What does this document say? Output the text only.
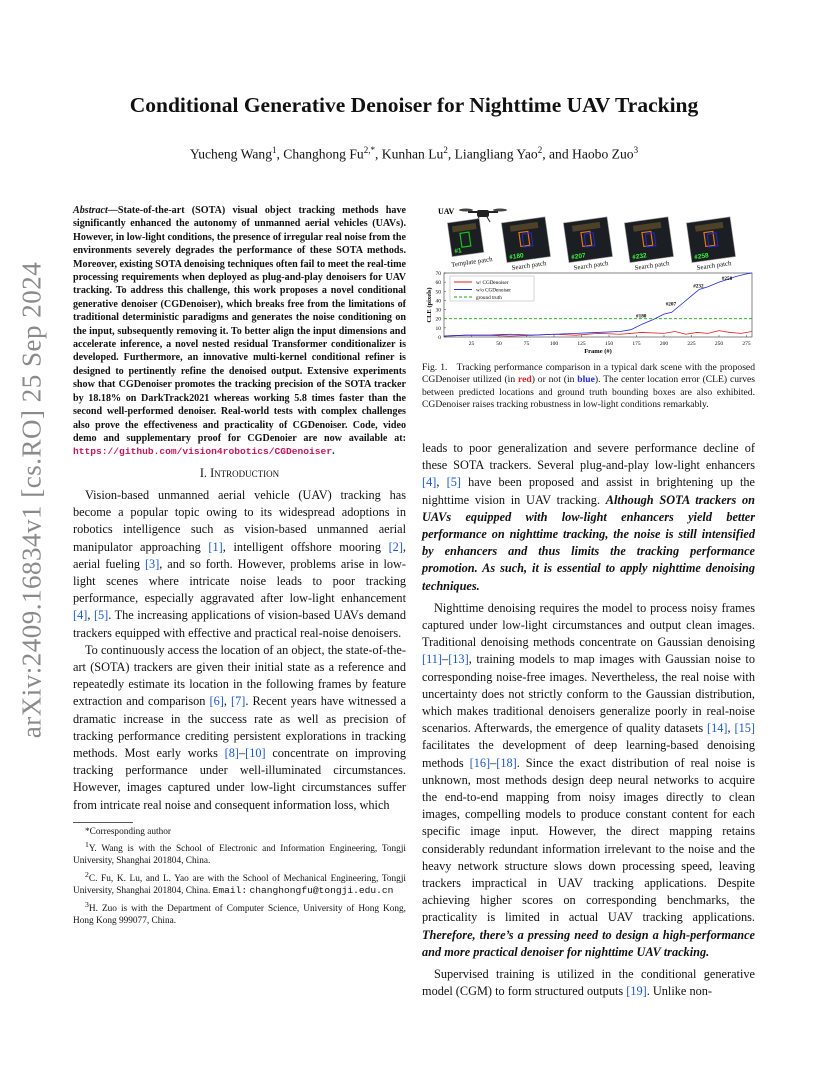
arXiv:2409.16834v1 [cs.RO] 25 Sep 2024
Conditional Generative Denoiser for Nighttime UAV Tracking
Yucheng Wang$^1$, Changhong $Fu^{2,*}$, Kunhan Lu$^2$, Liangliang Yao$^2$, and Haobo Zuo$^3$

Abstract—State-of-the-art (SOTA) visual object tracking methods have significantly enhanced the autonomy of unmanned aerial vehicles (UAVs). However, in low-light conditions, the presence of irregular real noise from the environments severely degrades the performance of these SOTA methods. Moreover, existing SOTA denoising techniques often fail to meet the real-time processing requirements when deployed as plug-and-play denoisers for UAV tracking. To address this challenge, this work proposes a novel conditional generative denoiser (CGDenoiser), which breaks free from the limitations of traditional deterministic paradigms and generates the noise conditioning on the input, subsequently removing it. To better align the input dimensions and accelerate inference, a novel nested residual Transformer conditionalizer is developed. Furthermore, an innovative multi-kernel conditional refiner is designed to pertinently refine the denoised output. Extensive experiments show that CGDenoiser promotes the tracking precision of the SOTA tracker by 18.18% on DarkTrack2021 whereas working 5.8 times faster than the second well-performed denoiser. Real-world tests with complex challenges also prove the effectiveness and practicality of CGDenoiser. Code, video demo and supplementary proof for CGDenoier are now available at: https://github.com/vision4robotics/CGDenoiser.

I. Introduction

Vision-based unmanned aerial vehicle (UAV) tracking has become a popular topic owing to its widespread adoptions in robotics intelligence such as vision-based unmanned aerial manipulator approaching [1], intelligent offshore mooring [2], aerial fueling [3], and so forth. However, problems arise in low-light scenes where intricate noise leads to poor tracking performance, especially aggravated after low-light enhancement [4], [5]. The increasing applications of vision-based UAVs demand trackers equipped with effective and practical real-noise denoisers.

To continuously access the location of an object, the state-of-the-art (SOTA) trackers are given their initial state as a reference and repeatedly estimate its location in the following frames by feature extraction and comparison [6], [7]. Recent years have witnessed a dramatic increase in the success rate as well as precision of tracking performance crediting persistent explorations in tracking methods. Most early works [8]–[10] concentrate on improving tracking performance under well-illuminated circumstances. However, images captured under low-light circumstances suffer from intricate real noise and consequent information loss, which

*Corresponding author

$^1$Y. Wang is with the School of Electronic and Information Engineering, Tongji University, Shanghai 201804, China.

$^2$C. Fu, K. Lu, and L. Yao are with the School of Mechanical Engineering, Tongji University, Shanghai 201804, China. Email: changhongfu@tongji.edu.cn

$^3$H. Zuo is with the Department of Computer Science, University of Hong Kong, Hong Kong 999077, China.

UAV
#1
Template patch #180
Search patch
#207
Search patch
#232
Search patch
#258
Search patch
0
10
20
30
40
50
60
70
25	50	75	100	125	150	175	200	225	250	275
Frame (#)
CLE (pixels)
w/ CGDenoiser
w/o CGDenoiser
ground truth
#180
#207
#232
#258
Fig. 1. Tracking performance comparison in a typical dark scene with the proposed CGDenoiser utilized (in red) or not (in blue). The center location error (CLE) curves between predicted locations and ground truth bounding boxes are also exhibited. CGDenoiser raises tracking robustness in low-light conditions remarkably.

leads to poor generalization and severe performance decline of these SOTA trackers. Several plug-and-play low-light enhancers [4], [5] have been proposed and assist in brightening up the nighttime vision in UAV tracking. Although SOTA trackers on UAVs equipped with low-light enhancers yield better performance on nighttime tracking, the noise is still intensified by enhancers and thus limits the tracking performance promotion. As such, it is essential to apply nighttime denoising techniques.

Nighttime denoising requires the model to process noisy frames captured under low-light circumstances and output clean images. Traditional denoising methods concentrate on Gaussian denoising [11]–[13], training models to map images with Gaussian noise to corresponding noise-free images. Nevertheless, the real noise with uncertainty does not strictly conform to the Gaussian distribution, which makes traditional denoisers generalize poorly in real-noise scenarios. Afterwards, the emergence of quality datasets [14], [15] facilitates the development of deep learning-based denoising methods [16]–[18]. Since the exact distribution of real noise is unknown, most methods design deep neural networks to acquire the end-to-end mapping from noisy images directly to clean images, compelling models to produce constant content for each specific image input. However, the direct mapping retains considerably redundant information irrelevant to the noise and the heavy network structure slows down processing speed, leaving trackers impractical in UAV tracking applications. Despite achieving higher scores on corresponding benchmarks, the practicality is limited in actual UAV tracking applications. Therefore, there’s a pressing need to design a high-performance and more practical denoiser for nighttime UAV tracking.

Supervised training is utilized in the conditional generative model (CGM) to form structured outputs [19]. Unlike non-
